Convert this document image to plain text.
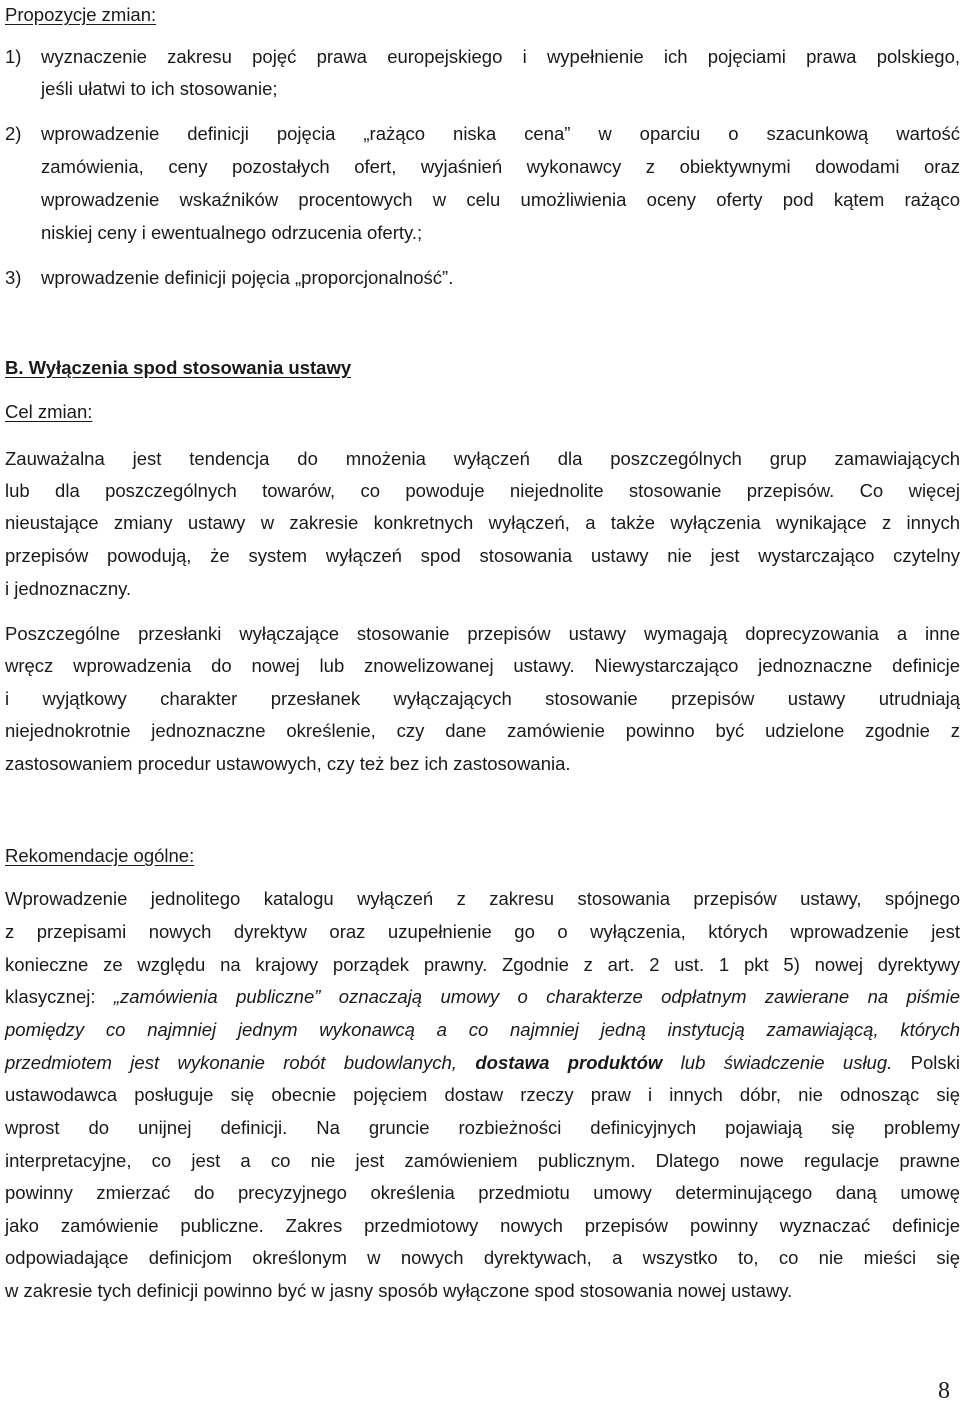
Propozycje zmian:
1)	wyznaczenie zakresu pojęć prawa europejskiego i wypełnienie ich pojęciami prawa polskiego,
jeśli ułatwi to ich stosowanie;
2)	wprowadzenie definicji pojęcia „rażąco niska cena” w oparciu o szacunkową wartość
zamówienia, ceny pozostałych ofert, wyjaśnień wykonawcy z obiektywnymi dowodami oraz
wprowadzenie wskaźników procentowych w celu umożliwienia oceny oferty pod kątem rażąco
niskiej ceny i ewentualnego odrzucenia oferty.;
3)	wprowadzenie definicji pojęcia „proporcjonalność”.
B. Wyłączenia spod stosowania ustawy
Cel zmian:
Zauważalna jest tendencja do mnożenia wyłączeń dla poszczególnych grup zamawiających
lub dla poszczególnych towarów, co powoduje niejednolite stosowanie przepisów. Co więcej
nieustające zmiany ustawy w zakresie konkretnych wyłączeń, a także wyłączenia wynikające z innych
przepisów powodują, że system wyłączeń spod stosowania ustawy nie jest wystarczająco czytelny
i jednoznaczny.
Poszczególne przesłanki wyłączające stosowanie przepisów ustawy wymagają doprecyzowania a inne
wręcz wprowadzenia do nowej lub znowelizowanej ustawy. Niewystarczająco jednoznaczne definicje
i wyjątkowy charakter przesłanek wyłączających stosowanie przepisów ustawy utrudniają
niejednokrotnie jednoznaczne określenie, czy dane zamówienie powinno być udzielone zgodnie z
zastosowaniem procedur ustawowych, czy też bez ich zastosowania.
Rekomendacje ogólne:
Wprowadzenie jednolitego katalogu wyłączeń z zakresu stosowania przepisów ustawy, spójnego
z przepisami nowych dyrektyw oraz uzupełnienie go o wyłączenia, których wprowadzenie jest
konieczne ze względu na krajowy porządek prawny. Zgodnie z art. 2 ust. 1 pkt 5) nowej dyrektywy
klasycznej: „zamówienia publiczne” oznaczają umowy o charakterze odpłatnym zawierane na piśmie
pomiędzy co najmniej jednym wykonawcą a co najmniej jedną instytucją zamawiającą, których
przedmiotem jest wykonanie robót budowlanych, dostawa produktów lub świadczenie usług. Polski
ustawodawca posługuje się obecnie pojęciem dostaw rzeczy praw i innych dóbr, nie odnosząc się
wprost do unijnej definicji. Na gruncie rozbieżności definicyjnych pojawiają się problemy
interpretacyjne, co jest a co nie jest zamówieniem publicznym. Dlatego nowe regulacje prawne
powinny zmierzać do precyzyjnego określenia przedmiotu umowy determinującego daną umowę
jako zamówienie publiczne. Zakres przedmiotowy nowych przepisów powinny wyznaczać definicje
odpowiadające definicjom określonym w nowych dyrektywach, a wszystko to, co nie mieści się
w zakresie tych definicji powinno być w jasny sposób wyłączone spod stosowania nowej ustawy.
8
